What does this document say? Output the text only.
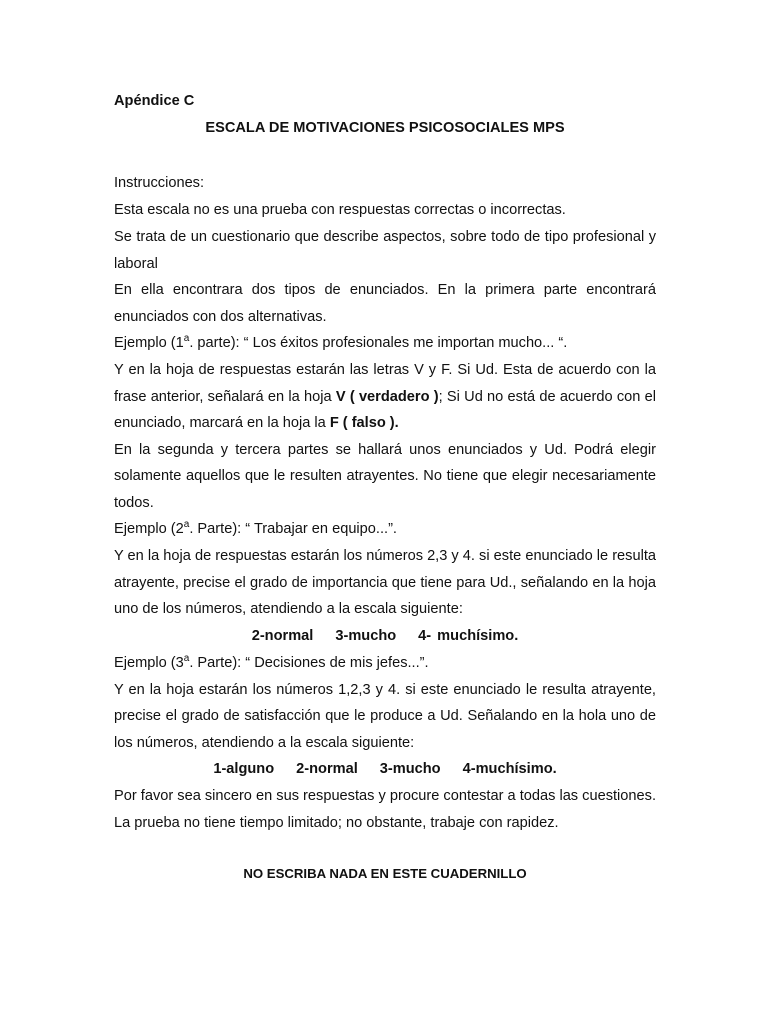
Apéndice C

ESCALA DE MOTIVACIONES PSICOSOCIALES MPS

Instrucciones:

Esta escala no es una prueba con respuestas correctas o incorrectas.

Se trata de un cuestionario que describe aspectos, sobre todo de tipo profesional y laboral

En ella encontrara dos tipos de enunciados. En la primera parte encontrará enunciados con dos alternativas.

Ejemplo (1$^a$. parte): “ Los éxitos profesionales me importan mucho... “.

Y en la hoja de respuestas estarán las letras V y F. Si Ud. Esta de acuerdo con la frase anterior, señalará en la hoja V ( verdadero ); Si Ud no está de acuerdo con el enunciado, marcará en la hoja la F ( falso ).

En la segunda y tercera partes se hallará unos enunciados y Ud. Podrá elegir solamente aquellos que le resulten atrayentes. No tiene que elegir necesariamente todos.

Ejemplo (2$^a$. Parte): “ Trabajar en equipo...”.

Y en la hoja de respuestas estarán los números 2,3 y 4. si este enunciado le resulta atrayente, precise el grado de importancia que tiene para Ud., señalando en la hoja uno de los números, atendiendo a la escala siguiente:

2-normal 3-mucho 4- muchísimo.

Ejemplo (3$^a$. Parte): “ Decisiones de mis jefes...”.

Y en la hoja estarán los números 1,2,3 y 4. si este enunciado le resulta atrayente, precise el grado de satisfacción que le produce a Ud. Señalando en la hola uno de los números, atendiendo a la escala siguiente:

1-alguno 2-normal 3-mucho 4-muchísimo.

Por favor sea sincero en sus respuestas y procure contestar a todas las cuestiones. La prueba no tiene tiempo limitado; no obstante, trabaje con rapidez.

NO ESCRIBA NADA EN ESTE CUADERNILLO
